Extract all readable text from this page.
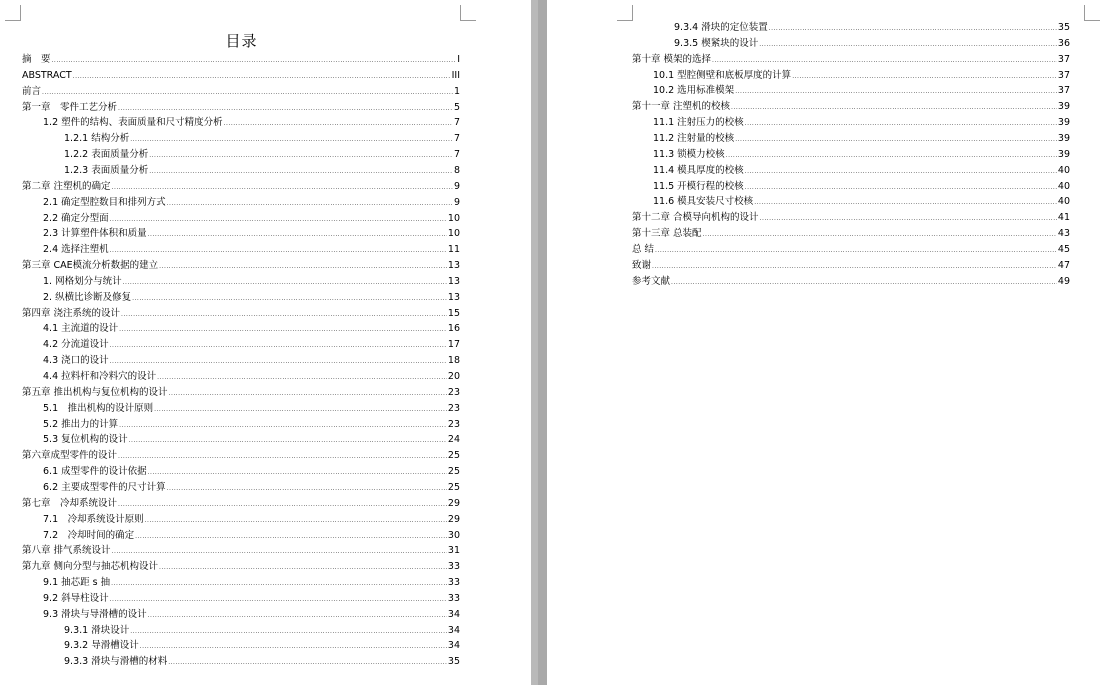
目录
摘　要 .....	I
ABSTRACT .....	III
前言 .....	1
第一章　零件工艺分析 .....	5
1.2 塑件的结构、表面质量和尺寸精度分析 .....	7
1.2.1 结构分析 .....	7
1.2.2 表面质量分析 .....	7
1.2.3 表面质量分析 .....	8
第二章 注塑机的确定 .....	9
2.1 确定型腔数目和排列方式 .....	9
2.2 确定分型面 .....	10
2.3 计算塑件体积和质量 .....	10
2.4 选择注塑机 .....	11
第三章 CAE模流分析数据的建立 .....	13
1. 网格划分与统计 .....	13
2. 纵横比诊断及修复 .....	13
第四章 浇注系统的设计 .....	15
4.1 主流道的设计 .....	16
4.2 分流道设计 .....	17
4.3 浇口的设计 .....	18
4.4 拉料杆和冷料穴的设计 .....	20
第五章 推出机构与复位机构的设计 .....	23
5.1　推出机构的设计原则 .....	23
5.2 推出力的计算 .....	23
5.3 复位机构的设计 .....	24
第六章成型零件的设计 .....	25
6.1 成型零件的设计依据 .....	25
6.2 主要成型零件的尺寸计算 .....	25
第七章　冷却系统设计 .....	29
7.1　冷却系统设计原则 .....	29
7.2　冷却时间的确定 .....	30
第八章 排气系统设计 .....	31
第九章 侧向分型与抽芯机构设计 .....	33
9.1 抽芯距 s 抽 .....	33
9.2 斜导柱设计 .....	33
9.3 滑块与导滑槽的设计 .....	34
9.3.1 滑块设计 .....	34
9.3.2 导滑槽设计 .....	34
9.3.3 滑块与滑槽的材料 .....	35
9.3.4 滑块的定位装置 .....	35
9.3.5 楔紧块的设计 .....	36
第十章 模架的选择 .....	37
10.1 型腔侧壁和底板厚度的计算 .....	37
10.2 选用标准模架 .....	37
第十一章 注塑机的校核 .....	39
11.1 注射压力的校核 .....	39
11.2 注射量的校核 .....	39
11.3 锁模力校核 .....	39
11.4 模具厚度的校核 .....	40
11.5 开模行程的校核 .....	40
11.6 模具安装尺寸校核 .....	40
第十二章 合模导向机构的设计 .....	41
第十三章 总装配 .....	43
总 结 .....	45
致谢 .....	47
参考文献 .....	49
